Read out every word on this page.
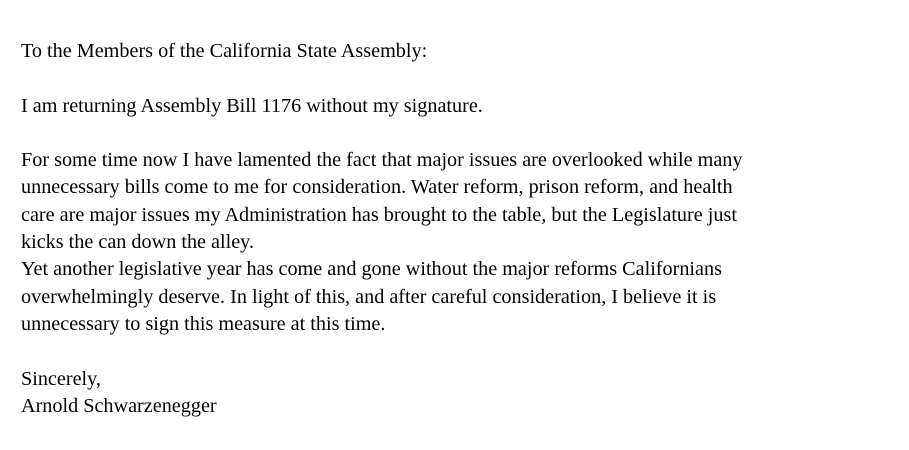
To the Members of the California State Assembly:
I am returning Assembly Bill 1176 without my signature.
For some time now I have lamented the fact that major issues are overlooked while many
unnecessary bills come to me for consideration. Water reform, prison reform, and health
care are major issues my Administration has brought to the table, but the Legislature just
kicks the can down the alley.
Yet another legislative year has come and gone without the major reforms Californians
overwhelmingly deserve. In light of this, and after careful consideration, I believe it is
unnecessary to sign this measure at this time.
Sincerely,
Arnold Schwarzenegger
